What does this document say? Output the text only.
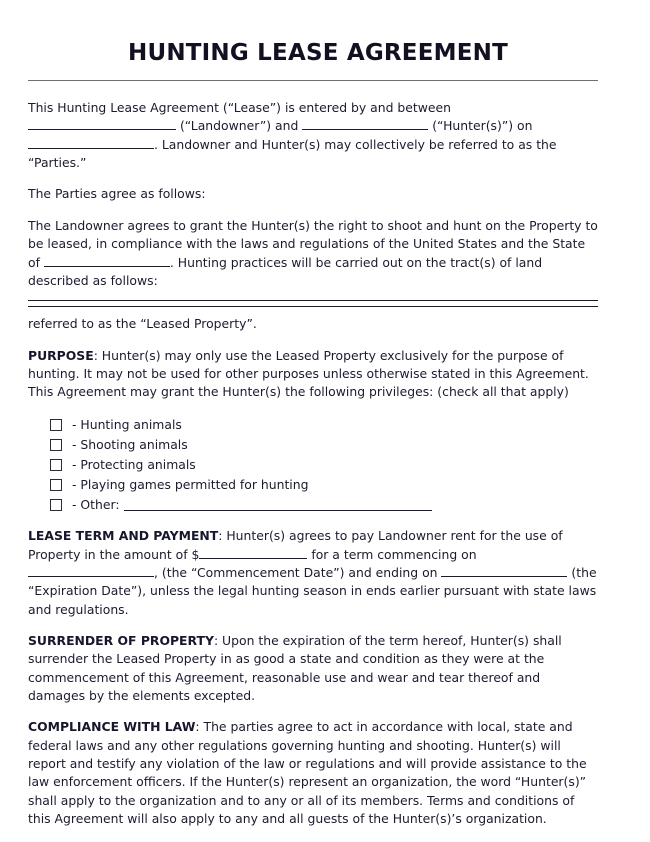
HUNTING LEASE AGREEMENT

This Hunting Lease Agreement (“Lease”) is entered by and between  (“Landowner”) and	(“Hunter(s)”) on . Landowner and Hunter(s) may collectively be referred to as the “Parties.”

The Parties agree as follows:

The Landowner agrees to grant the Hunter(s) the right to shoot and hunt on the Property to be leased, in compliance with the laws and regulations of the United States and the State of	. Hunting practices will be carried out on the tract(s) of land described as follows:

referred to as the “Leased Property”.

PURPOSE: Hunter(s) may only use the Leased Property exclusively for the purpose of hunting. It may not be used for other purposes unless otherwise stated in this Agreement. This Agreement may grant the Hunter(s) the following privileges: (check all that apply)

- Hunting animals
- Shooting animals
- Protecting animals
- Playing games permitted for hunting
- Other:

LEASE TERM AND PAYMENT: Hunter(s) agrees to pay Landowner rent for the use of Property in the amount of $	for a term commencing on , (the “Commencement Date”) and ending on	(the “Expiration Date”), unless the legal hunting season in ends earlier pursuant with state laws and regulations.

SURRENDER OF PROPERTY: Upon the expiration of the term hereof, Hunter(s) shall surrender the Leased Property in as good a state and condition as they were at the commencement of this Agreement, reasonable use and wear and tear thereof and damages by the elements excepted.

COMPLIANCE WITH LAW: The parties agree to act in accordance with local, state and federal laws and any other regulations governing hunting and shooting. Hunter(s) will report and testify any violation of the law or regulations and will provide assistance to the law enforcement officers. If the Hunter(s) represent an organization, the word “Hunter(s)” shall apply to the organization and to any or all of its members. Terms and conditions of this Agreement will also apply to any and all guests of the Hunter(s)’s organization.
